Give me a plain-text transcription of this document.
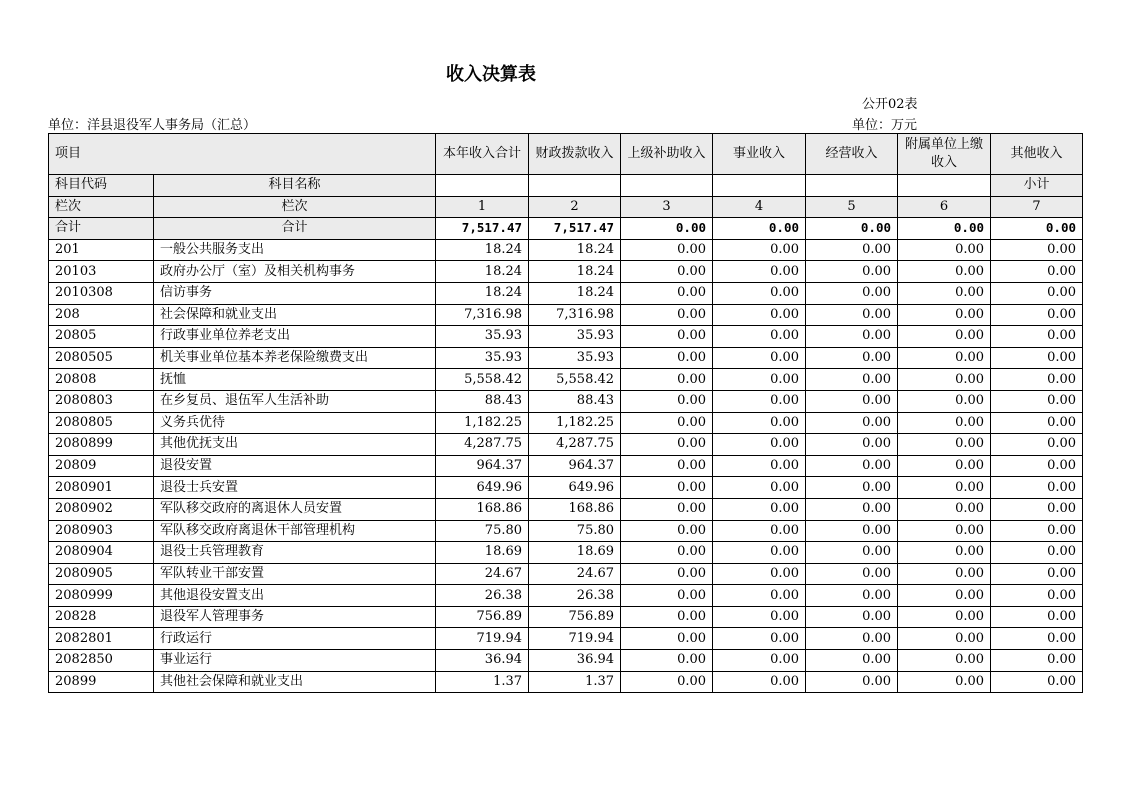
收入决算表
公开02表
单位：洋县退役军人事务局（汇总）	单位：万元
项目		本年收入合计	财政拨款收入	上级补助收入	事业收入	经营收入	附属单位上缴收入	其他收入
科目代码	科目名称							小计
栏次	栏次	1	2	3	4	5	6	7
合计	合计	7,517.47	7,517.47	0.00	0.00	0.00	0.00	0.00
201	一般公共服务支出	18.24	18.24	0.00	0.00	0.00	0.00	0.00
20103	政府办公厅（室）及相关机构事务	18.24	18.24	0.00	0.00	0.00	0.00	0.00
2010308	信访事务	18.24	18.24	0.00	0.00	0.00	0.00	0.00
208	社会保障和就业支出	7,316.98	7,316.98	0.00	0.00	0.00	0.00	0.00
20805	行政事业单位养老支出	35.93	35.93	0.00	0.00	0.00	0.00	0.00
2080505	机关事业单位基本养老保险缴费支出	35.93	35.93	0.00	0.00	0.00	0.00	0.00
20808	抚恤	5,558.42	5,558.42	0.00	0.00	0.00	0.00	0.00
2080803	在乡复员、退伍军人生活补助	88.43	88.43	0.00	0.00	0.00	0.00	0.00
2080805	义务兵优待	1,182.25	1,182.25	0.00	0.00	0.00	0.00	0.00
2080899	其他优抚支出	4,287.75	4,287.75	0.00	0.00	0.00	0.00	0.00
20809	退役安置	964.37	964.37	0.00	0.00	0.00	0.00	0.00
2080901	退役士兵安置	649.96	649.96	0.00	0.00	0.00	0.00	0.00
2080902	军队移交政府的离退休人员安置	168.86	168.86	0.00	0.00	0.00	0.00	0.00
2080903	军队移交政府离退休干部管理机构	75.80	75.80	0.00	0.00	0.00	0.00	0.00
2080904	退役士兵管理教育	18.69	18.69	0.00	0.00	0.00	0.00	0.00
2080905	军队转业干部安置	24.67	24.67	0.00	0.00	0.00	0.00	0.00
2080999	其他退役安置支出	26.38	26.38	0.00	0.00	0.00	0.00	0.00
20828	退役军人管理事务	756.89	756.89	0.00	0.00	0.00	0.00	0.00
2082801	行政运行	719.94	719.94	0.00	0.00	0.00	0.00	0.00
2082850	事业运行	36.94	36.94	0.00	0.00	0.00	0.00	0.00
20899	其他社会保障和就业支出	1.37	1.37	0.00	0.00	0.00	0.00	0.00
